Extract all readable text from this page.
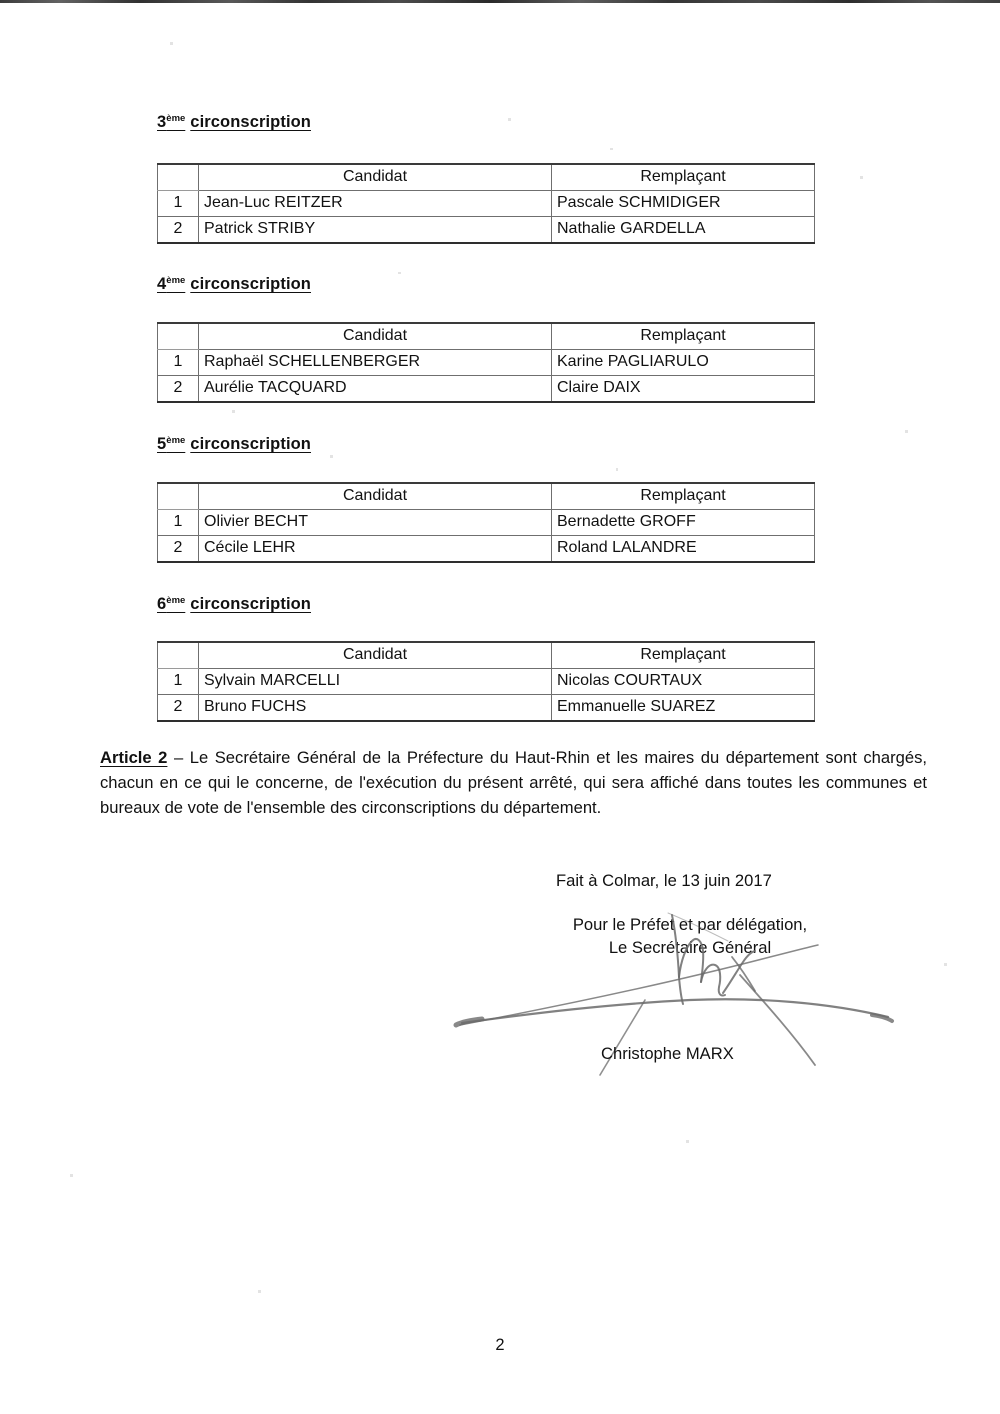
3ème circonscription
	Candidat	Remplaçant
1	Jean-Luc REITZER	Pascale SCHMIDIGER
2	Patrick STRIBY	Nathalie GARDELLA
4ème circonscription
	Candidat	Remplaçant
1	Raphaël SCHELLENBERGER	Karine PAGLIARULO
2	Aurélie TACQUARD	Claire DAIX
5ème circonscription
	Candidat	Remplaçant
1	Olivier BECHT	Bernadette GROFF
2	Cécile LEHR	Roland LALANDRE
6ème circonscription
	Candidat	Remplaçant
1	Sylvain MARCELLI	Nicolas COURTAUX
2	Bruno FUCHS	Emmanuelle SUAREZ
Article 2 – Le Secrétaire Général de la Préfecture du Haut-Rhin et les maires du département sont chargés, chacun en ce qui le concerne, de l'exécution du présent arrêté, qui sera affiché dans toutes les communes et bureaux de vote de l'ensemble des circonscriptions du département.
Fait à Colmar, le 13 juin 2017
Pour le Préfet et par délégation,
Le Secrétaire Général
Christophe MARX
2
